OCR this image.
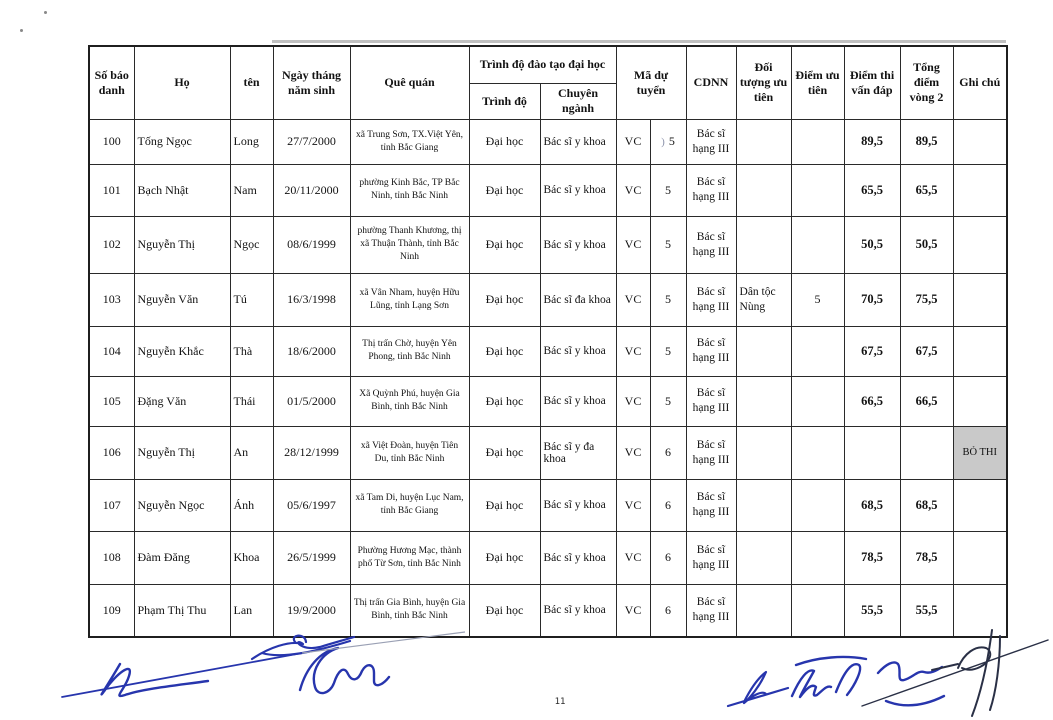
Số báo danh	Họ	tên	Ngày tháng năm sinh	Quê quán	Trình độ đào tạo đại học		Mã dự tuyển		CDNN	Đối tượng ưu tiên	Điểm ưu tiên	Điểm thi vấn đáp	Tổng điểm vòng 2	Ghi chú
					Trình độ	Chuyên ngành								
100	Tống Ngọc	Long	27/7/2000	xã Trung Sơn, TX.Việt Yên, tỉnh Bắc Giang	Đại học	Bác sĩ y khoa	VC	) 5	Bác sĩ hạng III			89,5	89,5	
101	Bạch Nhật	Nam	20/11/2000	phường Kinh Bắc, TP Bắc Ninh, tỉnh Bắc Ninh	Đại học	Bác sĩ y khoa	VC	5	Bác sĩ hạng III			65,5	65,5	
102	Nguyễn Thị	Ngọc	08/6/1999	phường Thanh Khương, thị xã Thuận Thành, tỉnh Bắc Ninh	Đại học	Bác sĩ y khoa	VC	5	Bác sĩ hạng III			50,5	50,5	
103	Nguyễn Văn	Tú	16/3/1998	xã Vân Nham, huyện Hữu Lũng, tỉnh Lạng Sơn	Đại học	Bác sĩ đa khoa	VC	5	Bác sĩ hạng III	Dân tộc Nùng	5	70,5	75,5	
104	Nguyễn Khắc	Thà	18/6/2000	Thị trấn Chờ, huyện Yên Phong, tỉnh Bắc Ninh	Đại học	Bác sĩ y khoa	VC	5	Bác sĩ hạng III			67,5	67,5	
105	Đặng Văn	Thái	01/5/2000	Xã Quỳnh Phú, huyện Gia Bình, tỉnh Bắc Ninh	Đại học	Bác sĩ y khoa	VC	5	Bác sĩ hạng III			66,5	66,5	
106	Nguyễn Thị	An	28/12/1999	xã Việt Đoàn, huyện Tiên Du, tỉnh Bắc Ninh	Đại học	Bác sĩ y đa khoa	VC	6	Bác sĩ hạng III					BỎ THI
107	Nguyễn Ngọc	Ánh	05/6/1997	xã Tam Di, huyện Lục Nam, tỉnh Bắc Giang	Đại học	Bác sĩ y khoa	VC	6	Bác sĩ hạng III			68,5	68,5	
108	Đàm Đăng	Khoa	26/5/1999	Phường Hương Mạc, thành phố Từ Sơn, tỉnh Bắc Ninh	Đại học	Bác sĩ y khoa	VC	6	Bác sĩ hạng III			78,5	78,5	
109	Phạm Thị Thu	Lan	19/9/2000	Thị trấn Gia Bình, huyện Gia Bình, tỉnh Bắc Ninh	Đại học	Bác sĩ y khoa	VC	6	Bác sĩ hạng III			55,5	55,5	
11
